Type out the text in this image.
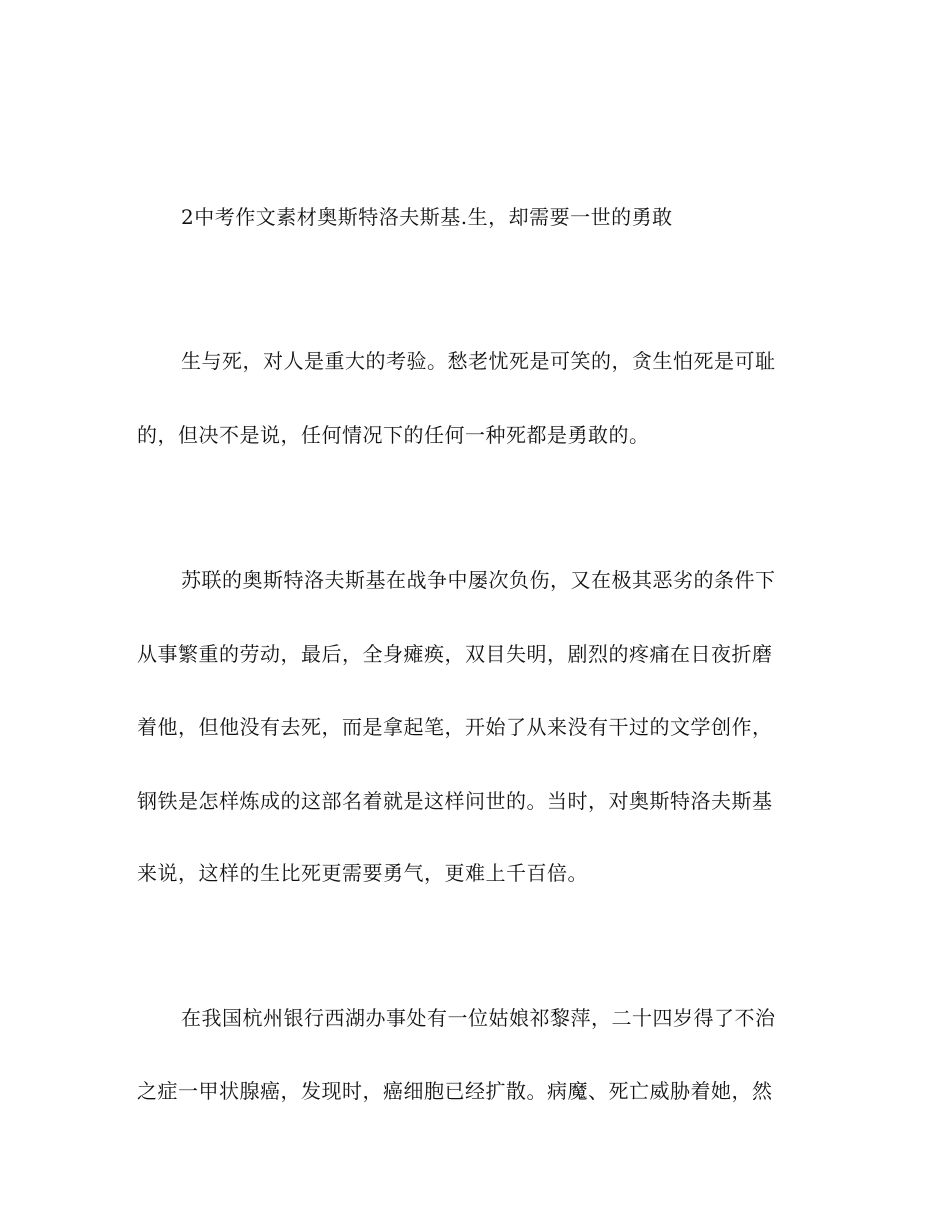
2中考作文素材奥斯特洛夫斯基.生，却需要一世的勇敢
生与死，对人是重大的考验。愁老忧死是可笑的，贪生怕死是可耻
的，但决不是说，任何情况下的任何一种死都是勇敢的。
苏联的奥斯特洛夫斯基在战争中屡次负伤，又在极其恶劣的条件下
从事繁重的劳动，最后，全身瘫痪，双目失明，剧烈的疼痛在日夜折磨
着他，但他没有去死，而是拿起笔，开始了从来没有干过的文学创作，
钢铁是怎样炼成的这部名着就是这样问世的。当时，对奥斯特洛夫斯基
来说，这样的生比死更需要勇气，更难上千百倍。
在我国杭州银行西湖办事处有一位姑娘祁黎萍，二十四岁得了不治
之症一甲状腺癌，发现时，癌细胞已经扩散。病魔、死亡威胁着她，然
